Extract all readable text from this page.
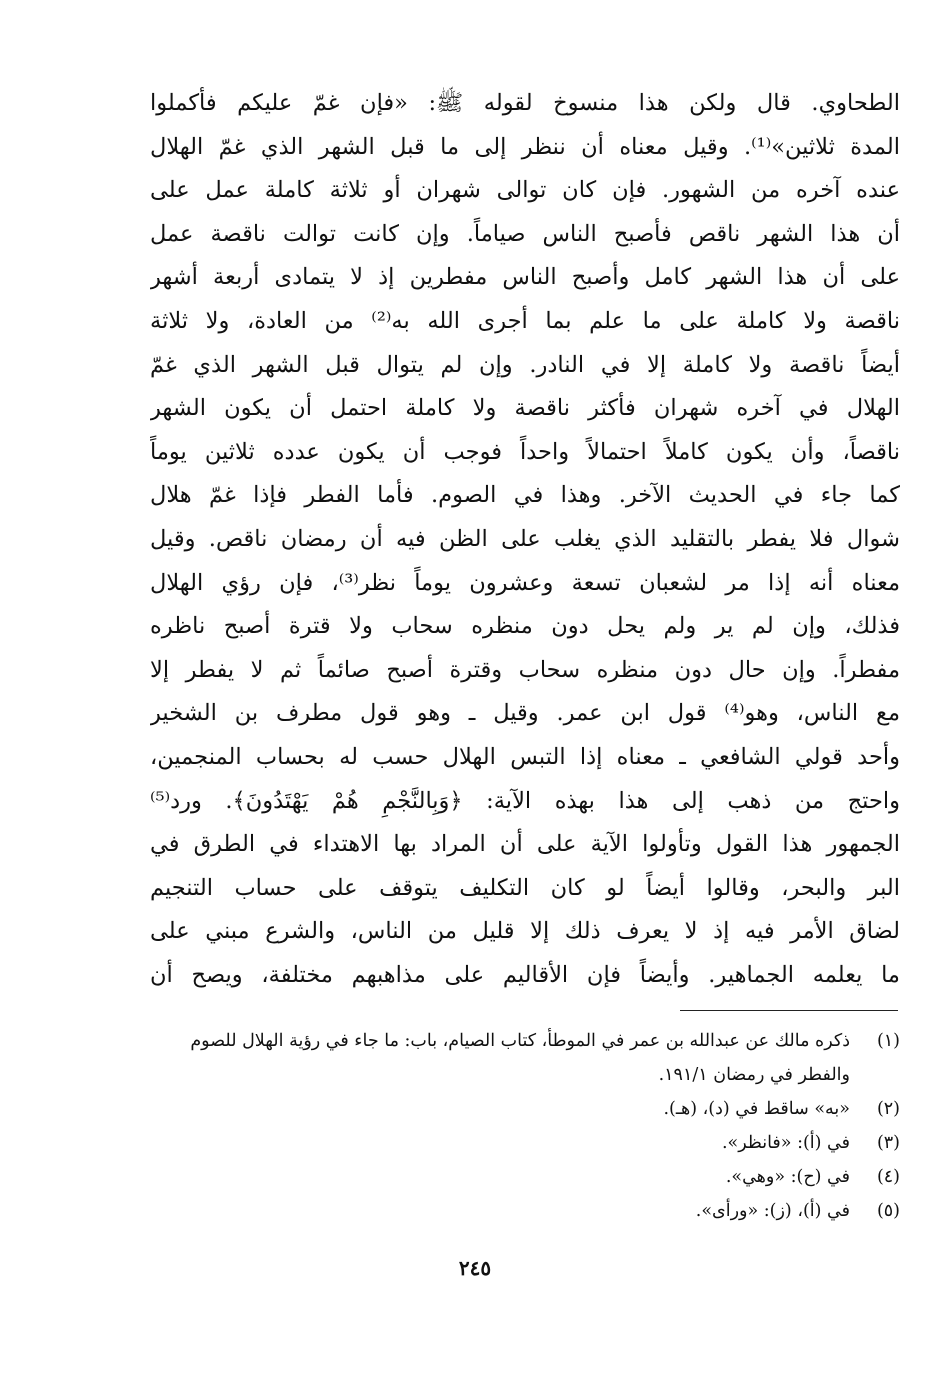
الطحاوي. قال ولكن هذا منسوخ لقوله ﷺ: «فإن غمّ عليكم فأكملوا
المدة ثلاثين»⁽¹⁾. وقيل معناه أن ننظر إلى ما قبل الشهر الذي غمّ الهلال
عنده آخره من الشهور. فإن كان توالى شهران أو ثلاثة كاملة عمل على
أن هذا الشهر ناقص فأصبح الناس صياماً. وإن كانت توالت ناقصة عمل
على أن هذا الشهر كامل وأصبح الناس مفطرين إذ لا يتمادى أربعة أشهر
ناقصة ولا كاملة على ما علم بما أجرى الله به⁽²⁾ من العادة، ولا ثلاثة
أيضاً ناقصة ولا كاملة إلا في النادر. وإن لم يتوال قبل الشهر الذي غمّ
الهلال في آخره شهران فأكثر ناقصة ولا كاملة احتمل أن يكون الشهر
ناقصاً، وأن يكون كاملاً احتمالاً واحداً فوجب أن يكون عدده ثلاثين يوماً
كما جاء في الحديث الآخر. وهذا في الصوم. فأما الفطر فإذا غمّ هلال
شوال فلا يفطر بالتقليد الذي يغلب على الظن فيه أن رمضان ناقص. وقيل
معناه أنه إذا مر لشعبان تسعة وعشرون يوماً نظر⁽³⁾، فإن رؤي الهلال
فذلك، وإن لم ير ولم يحل دون منظره سحاب ولا قترة أصبح ناظره
مفطراً. وإن حال دون منظره سحاب وقترة أصبح صائماً ثم لا يفطر إلا
مع الناس، وهو⁽⁴⁾ قول ابن عمر. وقيل ـ وهو قول مطرف بن الشخير
وأحد قولي الشافعي ـ معناه إذا التبس الهلال حسب له بحساب المنجمين،
واحتج من ذهب إلى هذا بهذه الآية: ﴿وَبِالنَّجْمِ هُمْ يَهْتَدُونَ﴾. ورد⁽⁵⁾
الجمهور هذا القول وتأولوا الآية على أن المراد بها الاهتداء في الطرق في
البر والبحر، وقالوا أيضاً لو كان التكليف يتوقف على حساب التنجيم
لضاق الأمر فيه إذ لا يعرف ذلك إلا قليل من الناس، والشرع مبني على
ما يعلمه الجماهير. وأيضاً فإن الأقاليم على مذاهبهم مختلفة، ويصح أن
(١)
ذكره مالك عن عبدالله بن عمر في الموطأ، كتاب الصيام، باب: ما جاء في رؤية الهلال للصوم والفطر في رمضان ١٩١/١.
(٢)
«به» ساقط في (د)، (هـ).
(٣)
في (أ): «فانظر».
(٤)
في (ح): «وهي».
(٥)
في (أ)، (ز): «ورأى».
٢٤٥
